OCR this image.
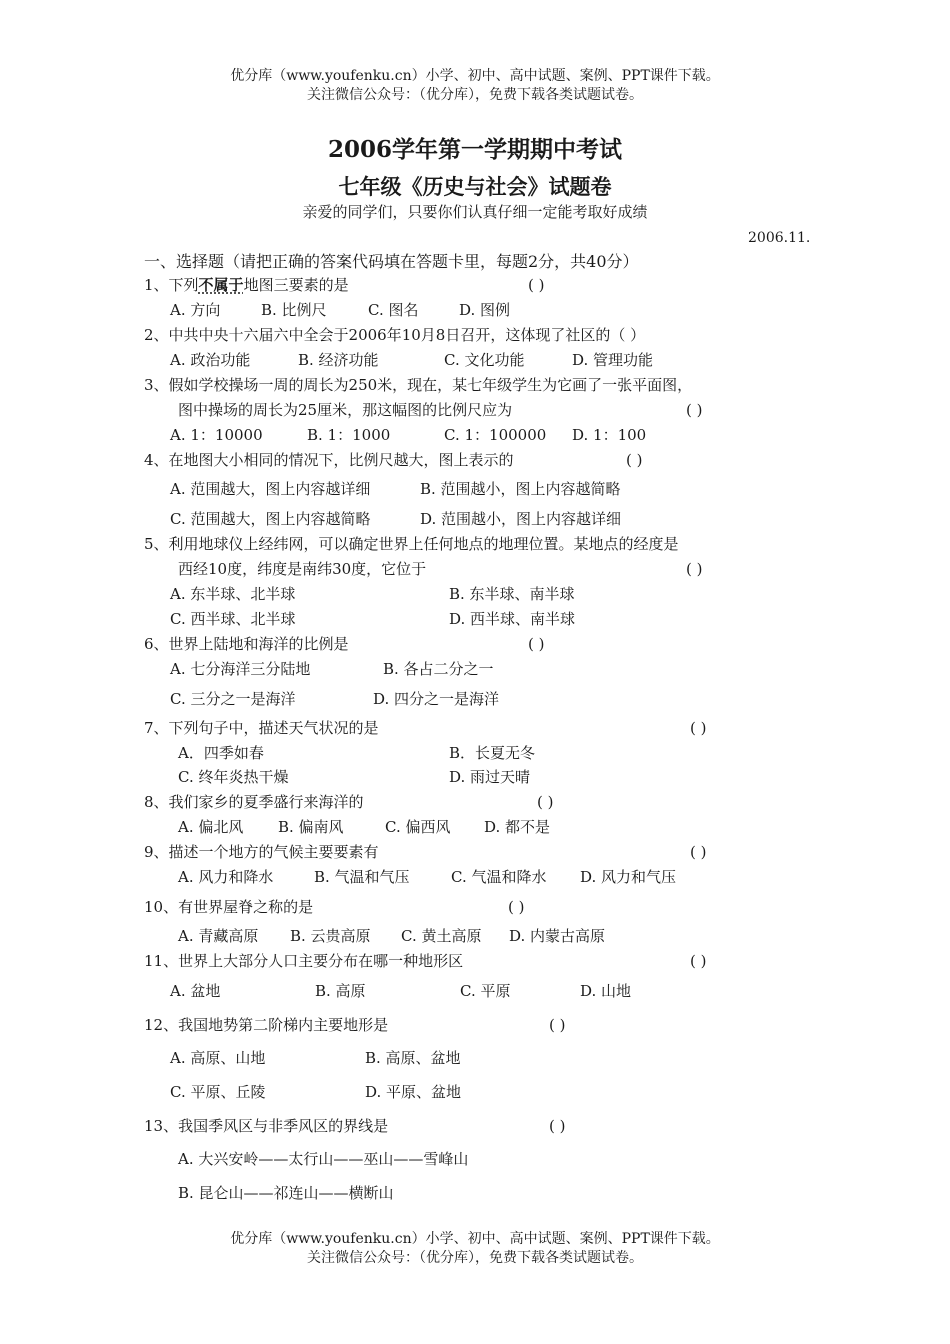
优分库（www.youfenku.cn）小学、初中、高中试题、案例、PPT课件下载。
关注微信公众号：（优分库），免费下载各类试题试卷。
2006学年第一学期期中考试
七年级《历史与社会》试题卷
亲爱的同学们，只要你们认真仔细一定能考取好成绩
2006.11.
一、选择题（请把正确的答案代码填在答题卡里，每题2分，共40分）
1、下列不属于地图三要素的是	( )
A. 方向	B. 比例尺	C. 图名	D. 图例
2、中共中央十六届六中全会于2006年10月8日召开，这体现了社区的（ ）
A. 政治功能	B. 经济功能	C. 文化功能	D. 管理功能
3、假如学校操场一周的周长为250米，现在，某七年级学生为它画了一张平面图，
图中操场的周长为25厘米，那这幅图的比例尺应为	( )
A. 1：10000	B. 1：1000	C. 1：100000 D. 1：100
4、在地图大小相同的情况下，比例尺越大，图上表示的	( )
A. 范围越大，图上内容越详细	B. 范围越小，图上内容越简略
C. 范围越大，图上内容越简略	D. 范围越小，图上内容越详细
5、利用地球仪上经纬网，可以确定世界上任何地点的地理位置。某地点的经度是
西经10度，纬度是南纬30度，它位于	( )
A. 东半球、北半球	B. 东半球、南半球
C. 西半球、北半球	D. 西半球、南半球
6、世界上陆地和海洋的比例是	( )
A. 七分海洋三分陆地	B. 各占二分之一
C. 三分之一是海洋	D. 四分之一是海洋
7、下列句子中，描述天气状况的是	( )
A．四季如春	B．长夏无冬
C. 终年炎热干燥	D. 雨过天晴
8、我们家乡的夏季盛行来海洋的	( )
A. 偏北风 B. 偏南风	C. 偏西风 D. 都不是
9、描述一个地方的气候主要要素有	( )
A. 风力和降水	B. 气温和气压	C. 气温和降水 D. 风力和气压
10、有世界屋脊之称的是	( )
A. 青藏高原 B. 云贵高原 C. 黄土高原 D. 内蒙古高原
11、世界上大部分人口主要分布在哪一种地形区	( )
A. 盆地	B. 高原	C. 平原	D. 山地
12、我国地势第二阶梯内主要地形是	( )
A. 高原、山地	B. 高原、盆地
C. 平原、丘陵	D. 平原、盆地
13、我国季风区与非季风区的界线是	( )
A. 大兴安岭——太行山——巫山——雪峰山
B. 昆仑山——祁连山——横断山
优分库（www.youfenku.cn）小学、初中、高中试题、案例、PPT课件下载。
关注微信公众号：（优分库），免费下载各类试题试卷。
